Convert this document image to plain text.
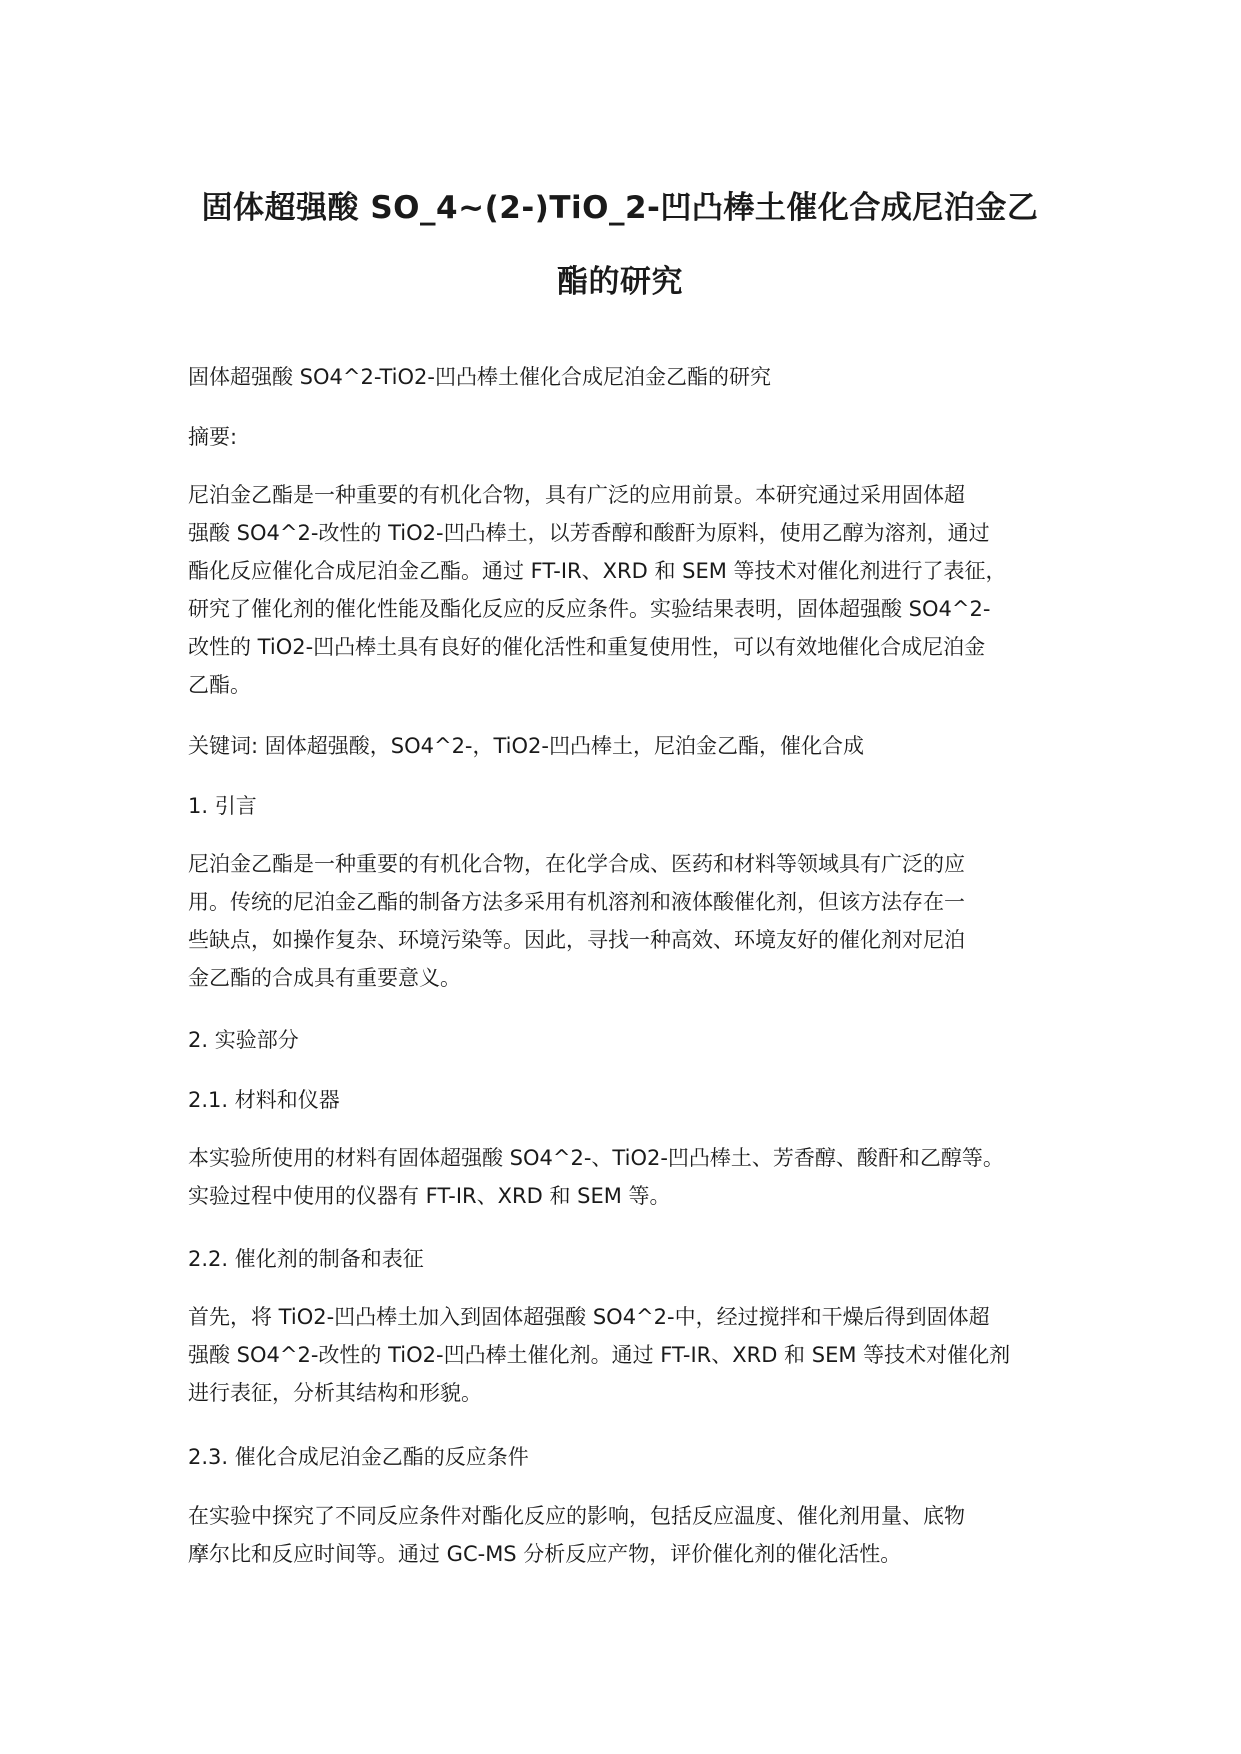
固体超强酸 SO_4~(2-)TiO_2-凹凸棒土催化合成尼泊金乙
酯的研究

固体超强酸 SO4^2-TiO2-凹凸棒土催化合成尼泊金乙酯的研究

摘要:

尼泊金乙酯是一种重要的有机化合物，具有广泛的应用前景。本研究通过采用固体超
强酸 SO4^2-改性的 TiO2-凹凸棒土，以芳香醇和酸酐为原料，使用乙醇为溶剂，通过
酯化反应催化合成尼泊金乙酯。通过 FT-IR、XRD 和 SEM 等技术对催化剂进行了表征，
研究了催化剂的催化性能及酯化反应的反应条件。实验结果表明，固体超强酸 SO4^2-
改性的 TiO2-凹凸棒土具有良好的催化活性和重复使用性，可以有效地催化合成尼泊金
乙酯。

关键词: 固体超强酸，SO4^2-，TiO2-凹凸棒土，尼泊金乙酯，催化合成

1. 引言

尼泊金乙酯是一种重要的有机化合物，在化学合成、医药和材料等领域具有广泛的应
用。传统的尼泊金乙酯的制备方法多采用有机溶剂和液体酸催化剂，但该方法存在一
些缺点，如操作复杂、环境污染等。因此，寻找一种高效、环境友好的催化剂对尼泊
金乙酯的合成具有重要意义。

2. 实验部分

2.1. 材料和仪器

本实验所使用的材料有固体超强酸 SO4^2-、TiO2-凹凸棒土、芳香醇、酸酐和乙醇等。
实验过程中使用的仪器有 FT-IR、XRD 和 SEM 等。

2.2. 催化剂的制备和表征

首先，将 TiO2-凹凸棒土加入到固体超强酸 SO4^2-中，经过搅拌和干燥后得到固体超
强酸 SO4^2-改性的 TiO2-凹凸棒土催化剂。通过 FT-IR、XRD 和 SEM 等技术对催化剂
进行表征，分析其结构和形貌。

2.3. 催化合成尼泊金乙酯的反应条件

在实验中探究了不同反应条件对酯化反应的影响，包括反应温度、催化剂用量、底物
摩尔比和反应时间等。通过 GC-MS 分析反应产物，评价催化剂的催化活性。
